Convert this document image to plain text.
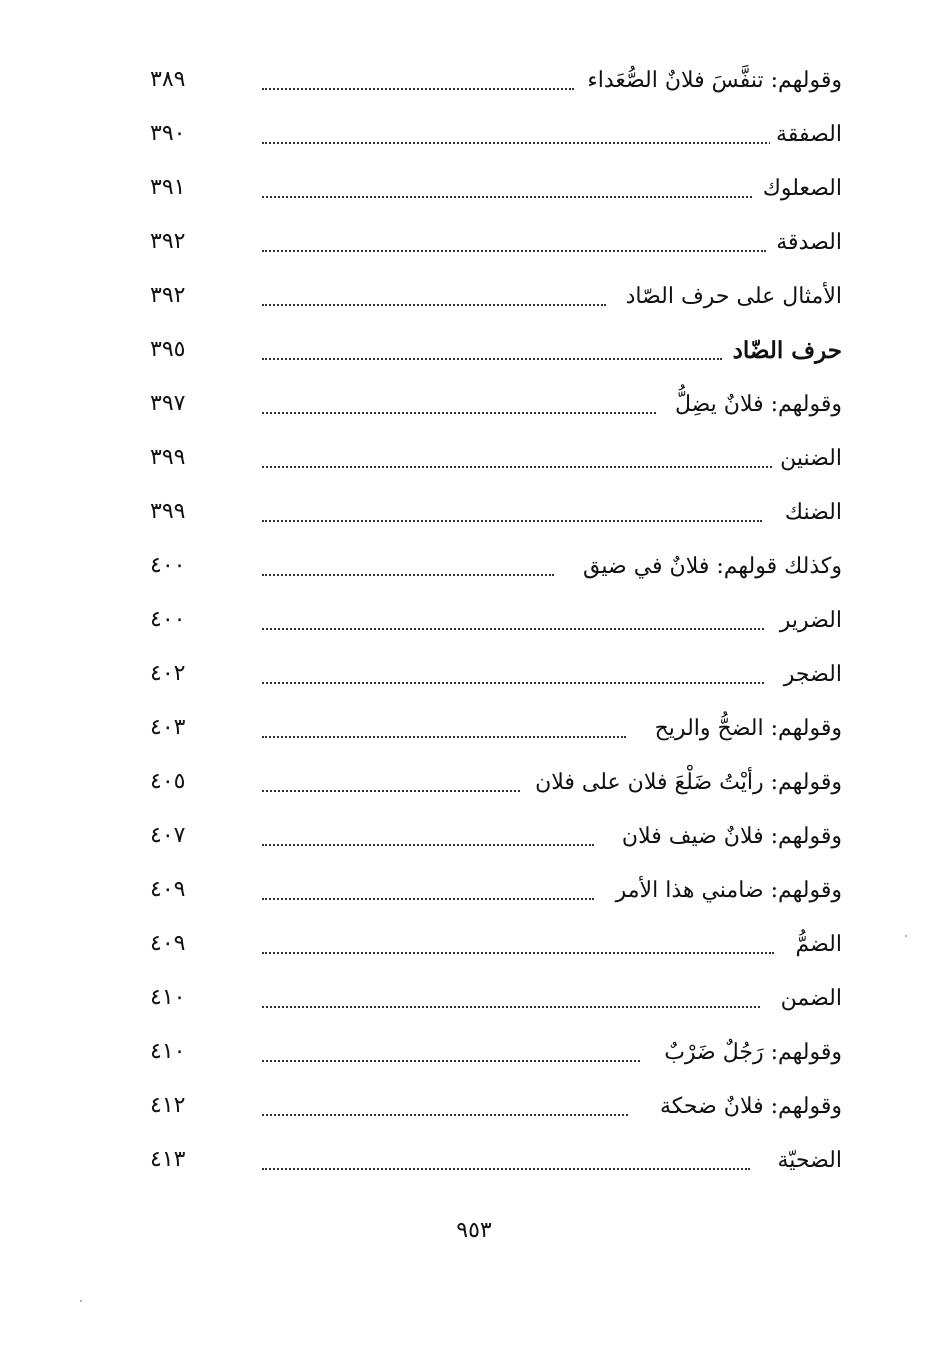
٣٨٩	وقولهم: تنفَّسَ فلانٌ الصُّعَداء
٣٩٠	الصفقة
٣٩١	الصعلوك
٣٩٢	الصدقة
٣٩٢	الأمثال على حرف الصّاد
٣٩٥	حرف الضّاد
٣٩٧	وقولهم: فلانٌ يضِلُّ
٣٩٩	الضنين
٣٩٩	الضنك
٤٠٠	وكذلك قولهم: فلانٌ في ضيق
٤٠٠	الضرير
٤٠٢	الضجر
٤٠٣	وقولهم: الضحُّ والريح
٤٠٥	وقولهم: رأيْتُ ضَلْعَ فلان على فلان
٤٠٧	وقولهم: فلانٌ ضيف فلان
٤٠٩	وقولهم: ضامني هذا الأمر
٤٠٩	الضمُّ
٤١٠	الضمن
٤١٠	وقولهم: رَجُلٌ ضَرْبٌ
٤١٢	وقولهم: فلانٌ ضحكة
٤١٣	الضحيّة
٩٥٣
